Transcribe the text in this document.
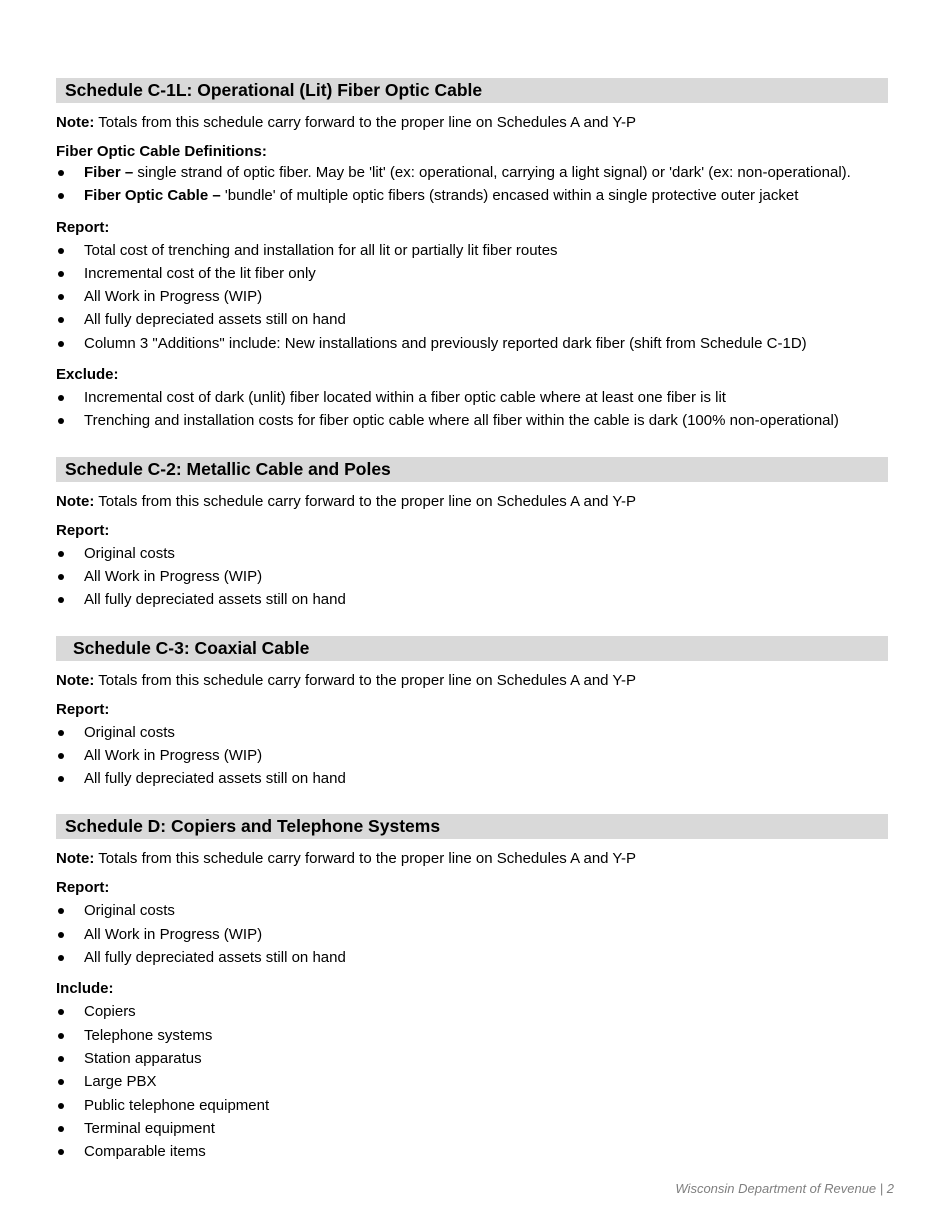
Schedule C-1L: Operational (Lit) Fiber Optic Cable
Note: Totals from this schedule carry forward to the proper line on Schedules A and Y-P
Fiber Optic Cable Definitions:
Fiber – single strand of optic fiber. May be 'lit' (ex: operational, carrying a light signal) or 'dark' (ex: non-operational).
Fiber Optic Cable – 'bundle' of multiple optic fibers (strands) encased within a single protective outer jacket
Report:
Total cost of trenching and installation for all lit or partially lit fiber routes
Incremental cost of the lit fiber only
All Work in Progress (WIP)
All fully depreciated assets still on hand
Column 3 "Additions" include: New installations and previously reported dark fiber (shift from Schedule C-1D)
Exclude:
Incremental cost of dark (unlit) fiber located within a fiber optic cable where at least one fiber is lit
Trenching and installation costs for fiber optic cable where all fiber within the cable is dark (100% non-operational)
Schedule C-2: Metallic Cable and Poles
Note: Totals from this schedule carry forward to the proper line on Schedules A and Y-P
Report:
Original costs
All Work in Progress (WIP)
All fully depreciated assets still on hand
Schedule C-3: Coaxial Cable
Note: Totals from this schedule carry forward to the proper line on Schedules A and Y-P
Report:
Original costs
All Work in Progress (WIP)
All fully depreciated assets still on hand
Schedule D: Copiers and Telephone Systems
Note: Totals from this schedule carry forward to the proper line on Schedules A and Y-P
Report:
Original costs
All Work in Progress (WIP)
All fully depreciated assets still on hand
Include:
Copiers
Telephone systems
Station apparatus
Large PBX
Public telephone equipment
Terminal equipment
Comparable items
Wisconsin Department of Revenue | 2
